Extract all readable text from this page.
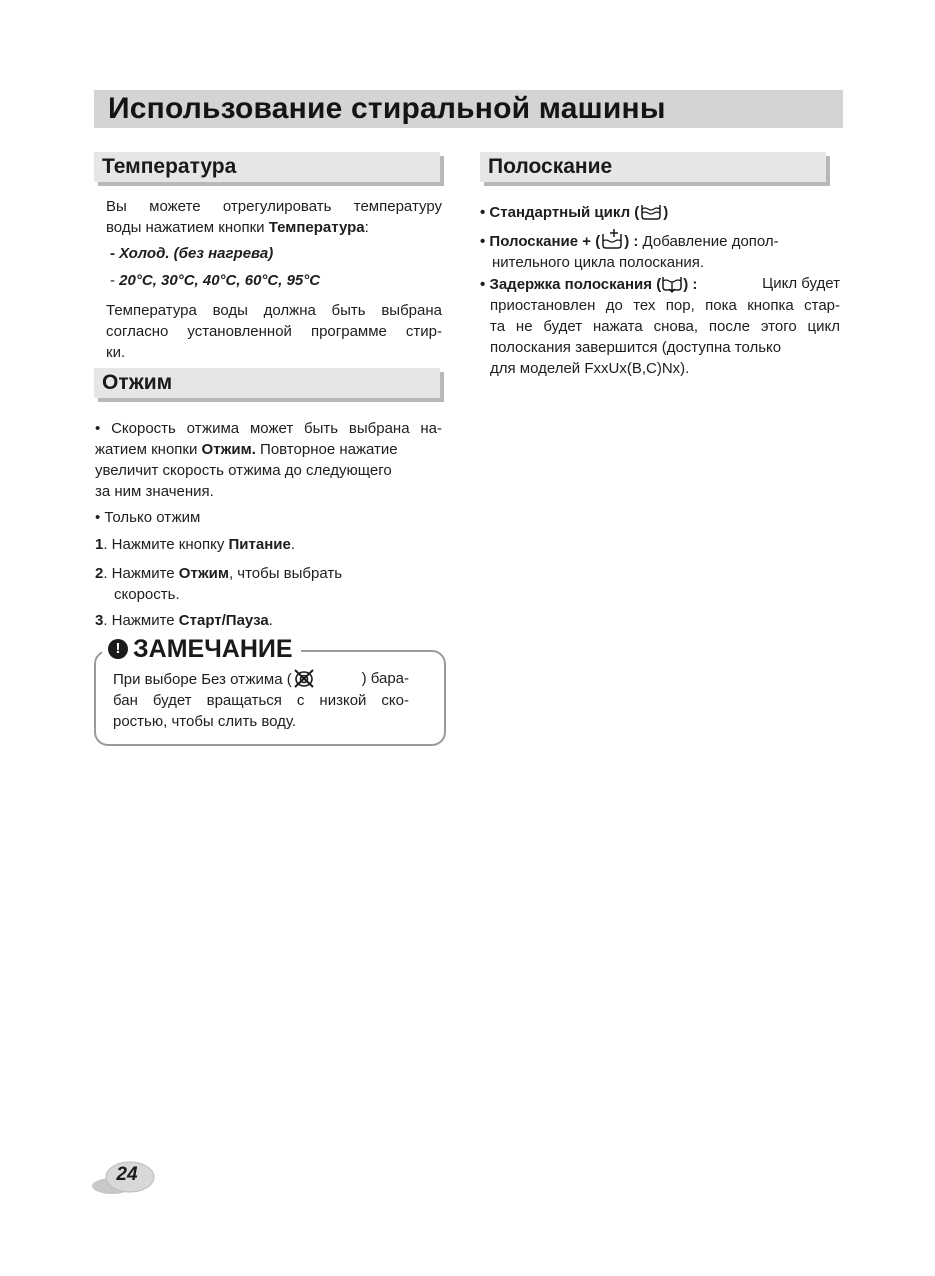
Использование стиральной машины
Температура
Вы можете отрегулировать температуру
воды нажатием кнопки Температура:
- Холод. (без нагрева)
- 20°C, 30°C, 40°C, 60°C, 95°C
Температура воды должна быть выбрана
согласно установленной программе стир-
ки.
Отжим
• Скорость отжима может быть выбрана на-
жатием кнопки Отжим. Повторное нажатие
увеличит скорость отжима до следующего
за ним значения.
• Только отжим
1. Нажмите кнопку Питание.
2. Нажмите Отжим, чтобы выбрать
скорость.
3. Нажмите Старт/Пауза.
! ЗАМЕЧАНИЕ
При выборе Без отжима (	) бара-
бан будет вращаться с низкой ско-
ростью, чтобы слить воду.
Полоскание
• Стандартный цикл ( )
• Полоскание + ( ) : Добавление допол-
нительного цикла полоскания.
• Задержка полоскания ( ) :	Цикл будет
приостановлен до тех пор, пока кнопка стар-
та не будет нажата снова, после этого цикл
полоскания завершится (доступна только
для моделей FxxUx(B,C)Nx).
24
